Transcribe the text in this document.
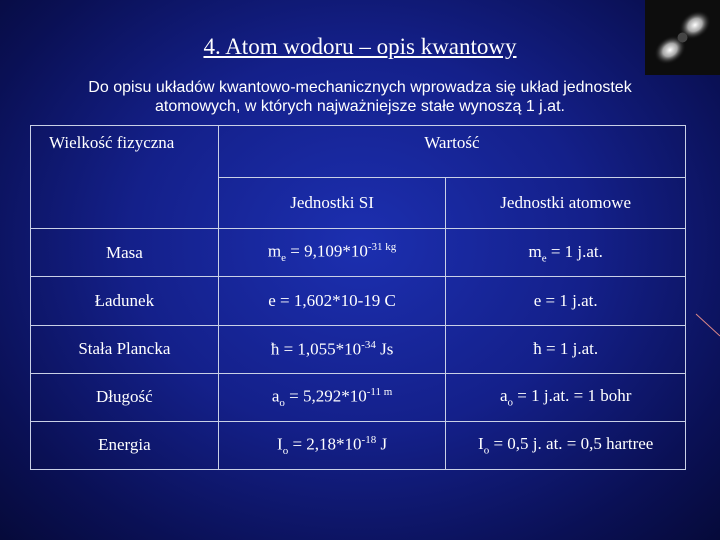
4. Atom wodoru – opis kwantowy
Do opisu układów kwantowo-mechanicznych wprowadza się układ jednostek
atomowych, w których najważniejsze stałe wynoszą 1 j.at.
Wielkość fizyczna	Wartość	
	Jednostki SI	Jednostki atomowe
Masa	$m_e = 9,109*10^{-31 kg}$	$m_e = 1$ j.at.
Ładunek	e = 1,602*10-19 C	e = 1 j.at.
Stała Plancka	ħ = $1,055*10^{-34}$ Js	ħ = 1 j.at.
Długość	$a_o = 5,292*10^{-11 m}$	$a_o = 1$ j.at. = 1 bohr
Energia	$I_o = 2,18*10^{-18}$ J	$I_o = 0,5$ j. at. = 0,5 hartree
